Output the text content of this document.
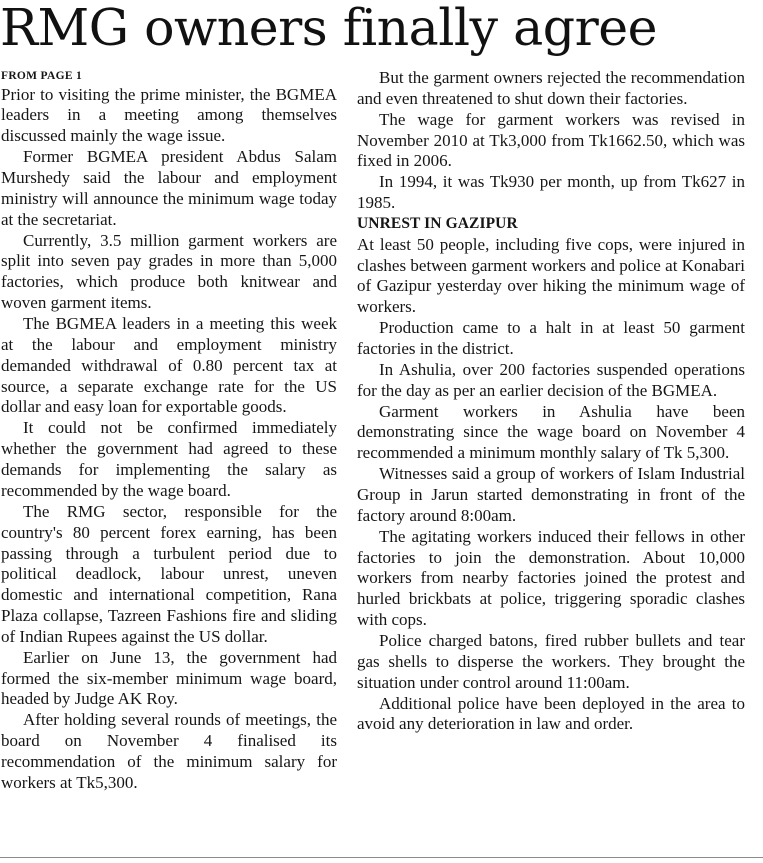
RMG owners finally agree
FROM PAGE 1

Prior to visiting the prime minister, the BGMEA leaders in a meeting among themselves discussed mainly the wage issue.

Former BGMEA president Abdus Salam Murshedy said the labour and employment ministry will announce the minimum wage today at the secretariat.

Currently, 3.5 million garment workers are split into seven pay grades in more than 5,000 factories, which produce both knitwear and woven garment items.

The BGMEA leaders in a meeting this week at the labour and employment ministry demanded withdrawal of 0.80 percent tax at source, a separate exchange rate for the US dollar and easy loan for exportable goods.

It could not be confirmed immediately whether the government had agreed to these demands for implementing the salary as recommended by the wage board.

The RMG sector, responsible for the country's 80 percent forex earning, has been passing through a turbulent period due to political deadlock, labour unrest, uneven domestic and international competition, Rana Plaza collapse, Tazreen Fashions fire and sliding of Indian Rupees against the US dollar.

Earlier on June 13, the government had formed the six-member minimum wage board, headed by Judge AK Roy.

After holding several rounds of meetings, the board on November 4 finalised its recommendation of the minimum salary for workers at Tk5,300.

But the garment owners rejected the recommendation and even threatened to shut down their factories.

The wage for garment workers was revised in November 2010 at Tk3,000 from Tk1662.50, which was fixed in 2006.

In 1994, it was Tk930 per month, up from Tk627 in 1985.

UNREST IN GAZIPUR

At least 50 people, including five cops, were injured in clashes between garment workers and police at Konabari of Gazipur yesterday over hiking the minimum wage of workers.

Production came to a halt in at least 50 garment factories in the district.

In Ashulia, over 200 factories suspended operations for the day as per an earlier decision of the BGMEA.

Garment workers in Ashulia have been demonstrating since the wage board on November 4 recommended a minimum monthly salary of Tk 5,300.

Witnesses said a group of workers of Islam Industrial Group in Jarun started demonstrating in front of the factory around 8:00am.

The agitating workers induced their fellows in other factories to join the demonstration. About 10,000 workers from nearby factories joined the protest and hurled brickbats at police, triggering sporadic clashes with cops.

Police charged batons, fired rubber bullets and tear gas shells to disperse the workers. They brought the situation under control around 11:00am.

Additional police have been deployed in the area to avoid any deterioration in law and order.
